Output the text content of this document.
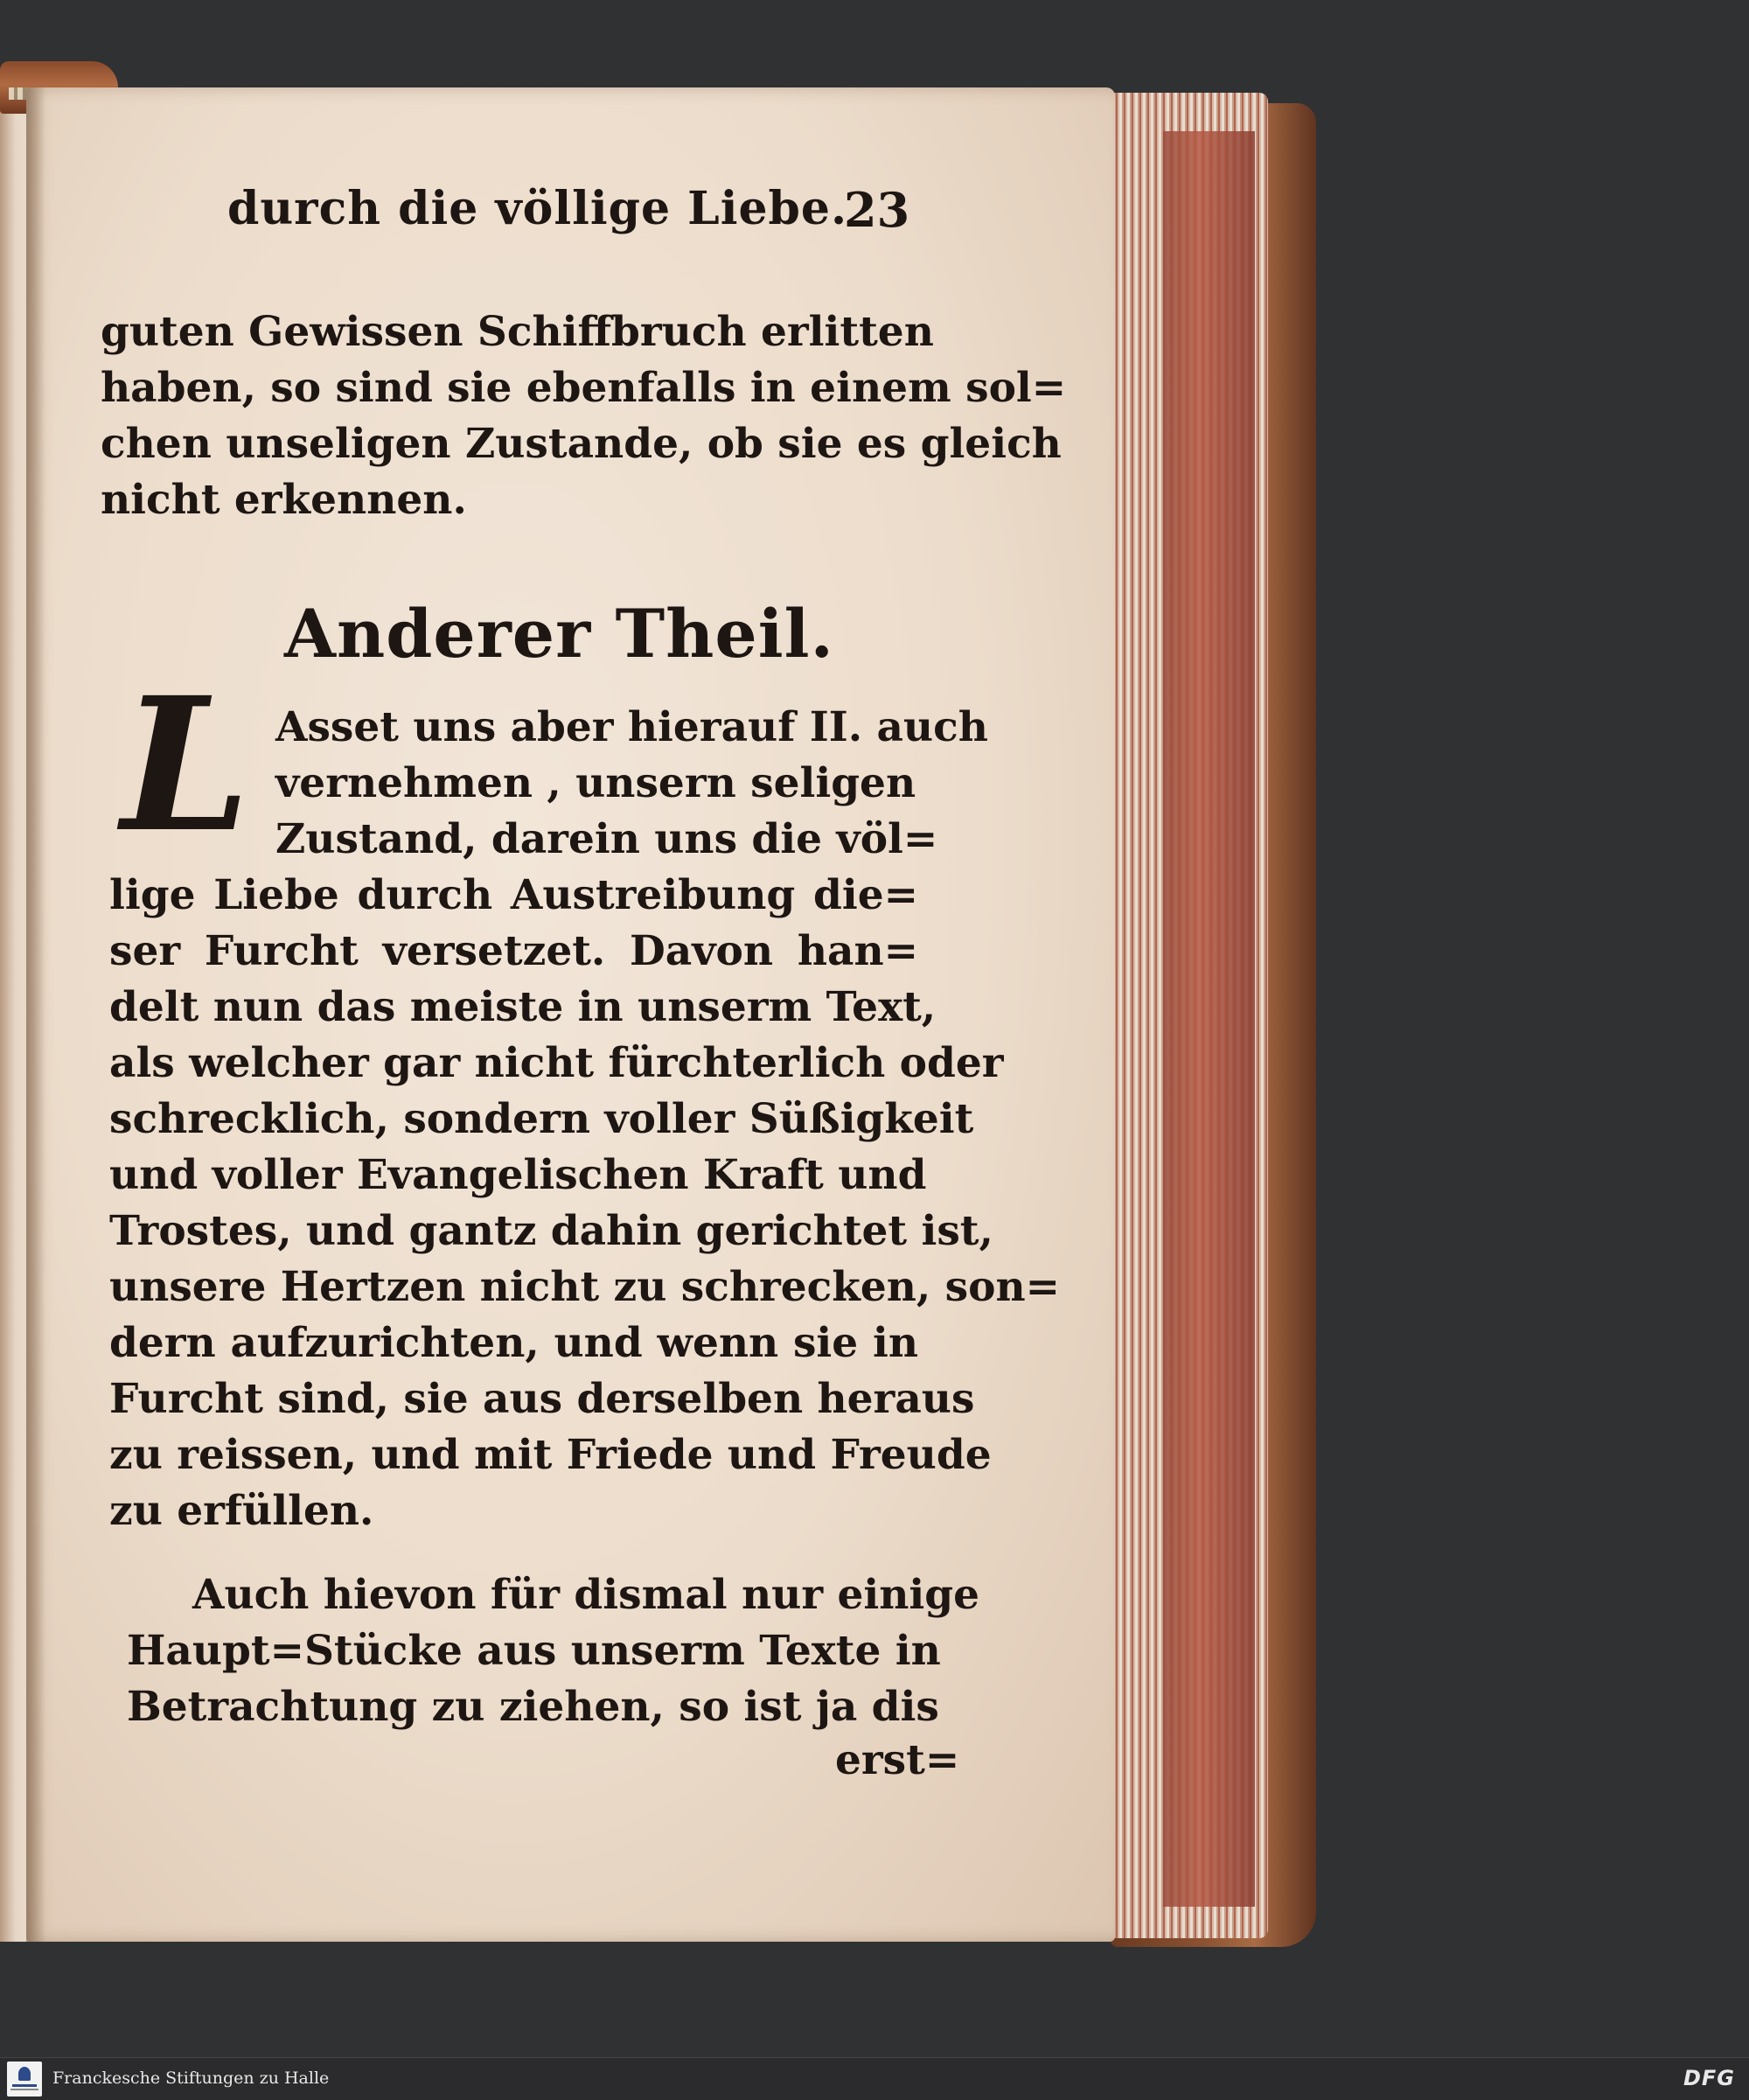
durch die völlige Liebe.
23
guten Gewissen Schiffbruch erlitten
haben, so sind sie ebenfalls in einem sol=
chen unseligen Zustande, ob sie es gleich
nicht erkennen.
Anderer Theil.
L Asset uns aber hierauf II. auch
vernehmen , unsern seligen
Zustand, darein uns die völ=
lige Liebe durch Austreibung die=
ser Furcht versetzet. Davon han=
delt nun das meiste in unserm Text,
als welcher gar nicht fürchterlich oder
schrecklich, sondern voller Süßigkeit
und voller Evangelischen Kraft und
Trostes, und gantz dahin gerichtet ist,
unsere Hertzen nicht zu schrecken, son=
dern aufzurichten, und wenn sie in
Furcht sind, sie aus derselben heraus
zu reissen, und mit Friede und Freude
zu erfüllen.
Auch hievon für dismal nur einige
Haupt=Stücke aus unserm Texte in
Betrachtung zu ziehen, so ist ja dis
erst=
Franckesche Stiftungen zu Halle	DFG
